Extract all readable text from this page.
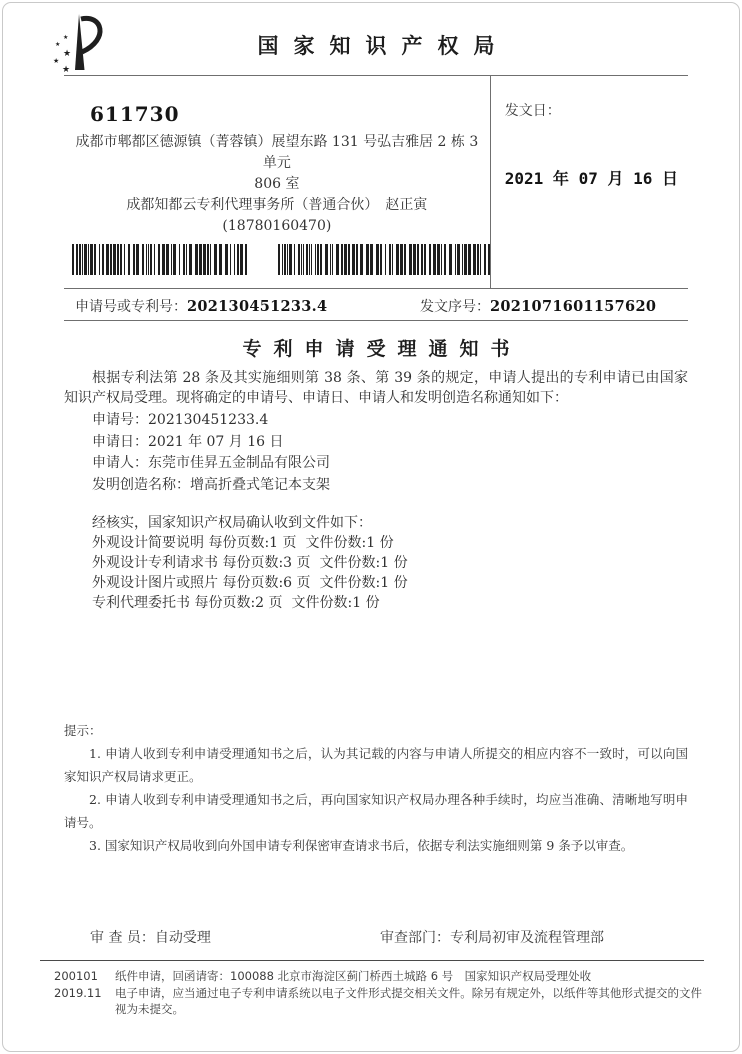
★
★
★
★
★
国家知识产权局
611730
成都市郫都区德源镇（菁蓉镇）展望东路 131 号弘吉雅居 2 栋 3 单元
806 室
成都知都云专利代理事务所（普通合伙）　赵正寅(18780160470)
发文日：
2021 年 07 月 16 日
申请号或专利号：202130451233.4	发文序号：2021071601157620
专利申请受理通知书

根据专利法第 28 条及其实施细则第 38 条、第 39 条的规定，申请人提出的专利申请已由国家知识产权局受理。现将确定的申请号、申请日、申请人和发明创造名称通知如下：

申请号：202130451233.4
申请日：2021 年 07 月 16 日
申请人：东莞市佳昇五金制品有限公司
发明创造名称：增高折叠式笔记本支架
经核实，国家知识产权局确认收到文件如下：
外观设计简要说明 每份页数:1 页 文件份数:1 份
外观设计专利请求书 每份页数:3 页 文件份数:1 份
外观设计图片或照片 每份页数:6 页 文件份数:1 份
专利代理委托书 每份页数:2 页 文件份数:1 份

提示：

1. 申请人收到专利申请受理通知书之后，认为其记载的内容与申请人所提交的相应内容不一致时，可以向国家知识产权局请求更正。

2. 申请人收到专利申请受理通知书之后，再向国家知识产权局办理各种手续时，均应当准确、清晰地写明申请号。

3. 国家知识产权局收到向外国申请专利保密审查请求书后，依据专利法实施细则第 9 条予以审查。

审 查 员：自动受理	审查部门：专利局初审及流程管理部
200101
2019.11

纸件申请，回函请寄：100088 北京市海淀区蓟门桥西土城路 6 号　国家知识产权局受理处收

电子申请，应当通过电子专利申请系统以电子文件形式提交相关文件。除另有规定外，以纸件等其他形式提交的文件视为未提交。
